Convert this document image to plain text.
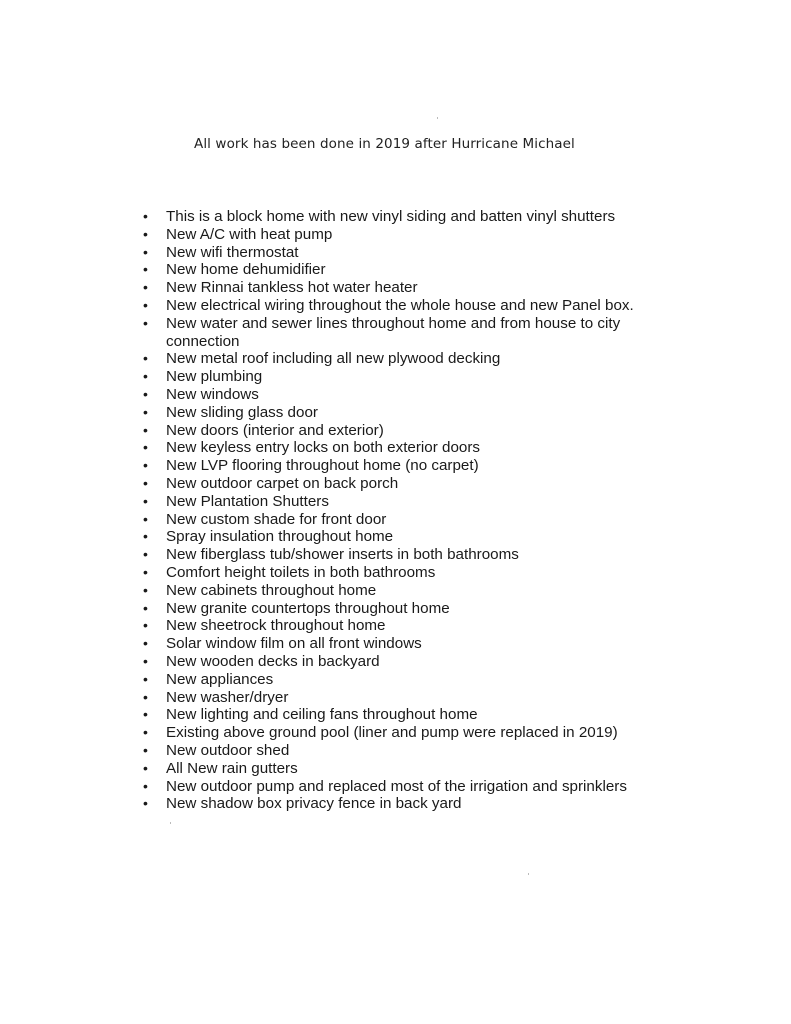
All work has been done in 2019 after Hurricane Michael
• This is a block home with new vinyl siding and batten vinyl shutters
• New A/C with heat pump
• New wifi thermostat
• New home dehumidifier
• New Rinnai tankless hot water heater
• New electrical wiring throughout the whole house and new Panel box.
• New water and sewer lines throughout home and from house to city connection
• New metal roof including all new plywood decking
• New plumbing
• New windows
• New sliding glass door
• New doors (interior and exterior)
• New keyless entry locks on both exterior doors
• New LVP flooring throughout home (no carpet)
• New outdoor carpet on back porch
• New Plantation Shutters
• New custom shade for front door
• Spray insulation throughout home
• New fiberglass tub/shower inserts in both bathrooms
• Comfort height toilets in both bathrooms
• New cabinets throughout home
• New granite countertops throughout home
• New sheetrock throughout home
• Solar window film on all front windows
• New wooden decks in backyard
• New appliances
• New washer/dryer
• New lighting and ceiling fans throughout home
• Existing above ground pool (liner and pump were replaced in 2019)
• New outdoor shed
• All New rain gutters
• New outdoor pump and replaced most of the irrigation and sprinklers
• New shadow box privacy fence in back yard
